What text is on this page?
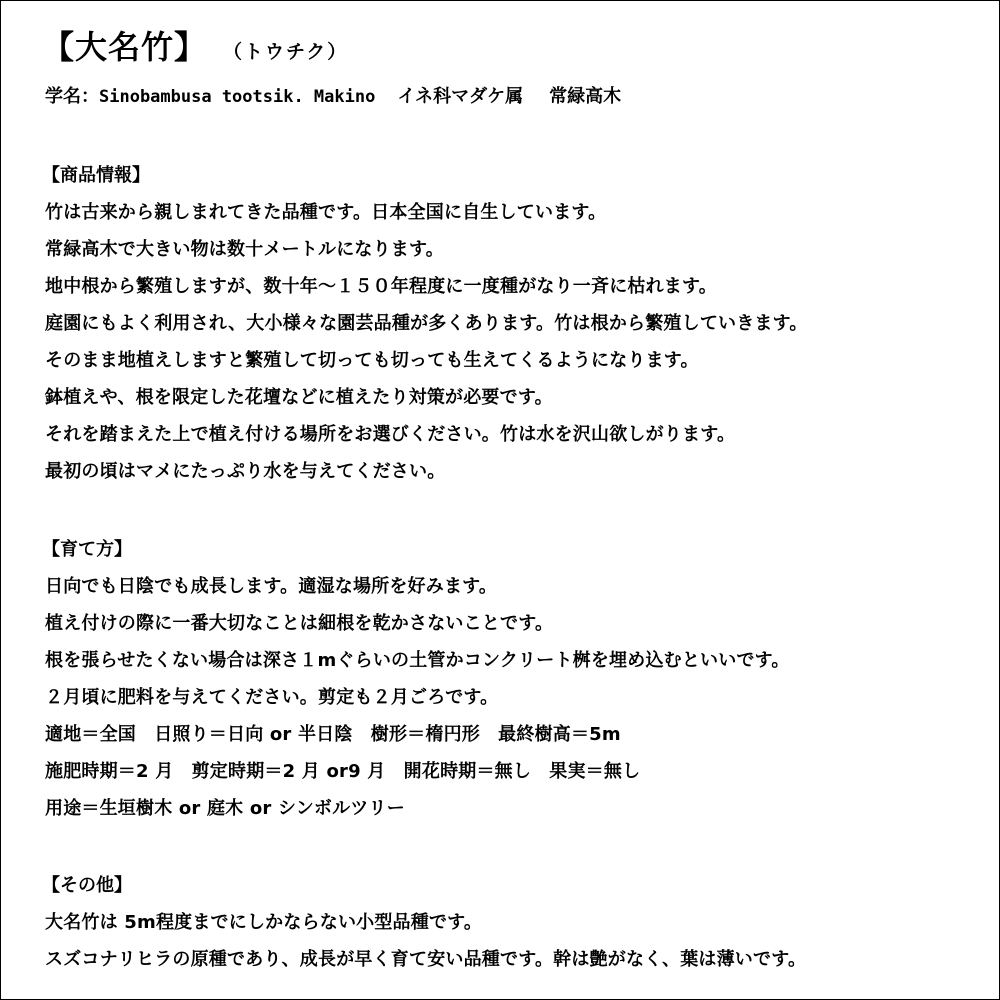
【大名竹】 （トウチク）
学名：Sinobambusa tootsik. Makino イネ科マダケ属 常緑高木
【商品情報】
竹は古来から親しまれてきた品種です。日本全国に自生しています。
常緑高木で大きい物は数十メートルになります。
地中根から繁殖しますが、数十年～１５０年程度に一度種がなり一斉に枯れます。
庭園にもよく利用され、大小様々な園芸品種が多くあります。竹は根から繁殖していきます。
そのまま地植えしますと繁殖して切っても切っても生えてくるようになります。
鉢植えや、根を限定した花壇などに植えたり対策が必要です。
それを踏まえた上で植え付ける場所をお選びください。竹は水を沢山欲しがります。
最初の頃はマメにたっぷり水を与えてください。
【育て方】
日向でも日陰でも成長します。適湿な場所を好みます。
植え付けの際に一番大切なことは細根を乾かさないことです。
根を張らせたくない場合は深さ１mぐらいの土管かコンクリート桝を埋め込むといいです。
２月頃に肥料を与えてください。剪定も２月ごろです。
適地＝全国　日照り＝日向 or 半日陰　樹形＝楕円形　最終樹高＝5m
施肥時期＝2 月　剪定時期＝2 月 or9 月　開花時期＝無し　果実＝無し
用途＝生垣樹木 or 庭木 or シンボルツリー
【その他】
大名竹は 5m程度までにしかならない小型品種です。
スズコナリヒラの原種であり、成長が早く育て安い品種です。幹は艶がなく、葉は薄いです。
